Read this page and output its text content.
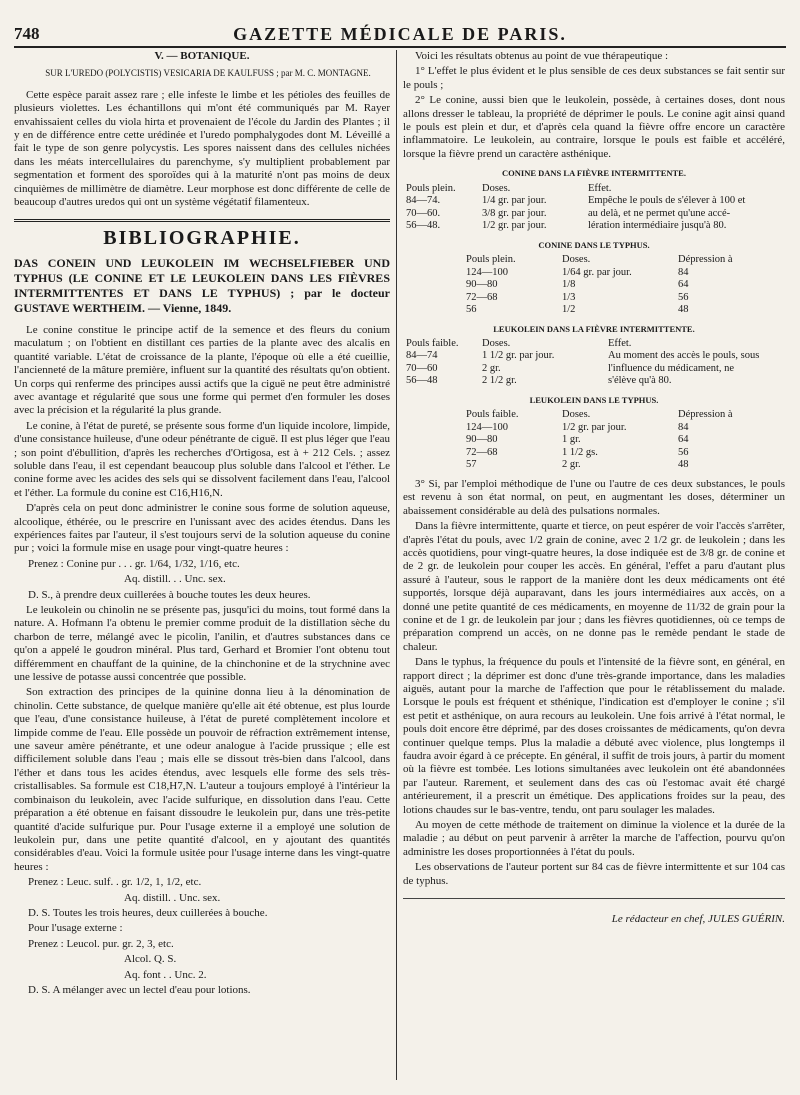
748	GAZETTE MÉDICALE DE PARIS.

V. — BOTANIQUE.

SUR L'UREDO (POLYCISTIS) VESICARIA DE KAULFUSS ; par M. C. MONTAGNE.

Cette espèce parait assez rare ; elle infeste le limbe et les pétioles des feuilles de plusieurs violettes. Les échantillons qui m'ont été communiqués par M. Rayer envahissaient celles du viola hirta et provenaient de l'école du Jardin des Plantes ; il y en de différence entre cette urédinée et l'uredo pomphalygodes dont M. Léveillé a fait le type de son genre polycystis. Les spores naissent dans des cellules nichées dans les méats intercellulaires du parenchyme, s'y multiplient probablement par segmentation et forment des sporoïdes qui à la maturité n'ont pas moins de deux cinquièmes de millimètre de diamètre. Leur morphose est donc différente de celle de beaucoup d'autres uredos qui ont un système végétatif filamenteux.

BIBLIOGRAPHIE.

DAS CONEIN UND LEUKOLEIN IM WECHSELFIEBER UND TYPHUS (LE CONINE ET LE LEUKOLEIN DANS LES FIÈVRES INTERMITTENTES ET DANS LE TYPHUS) ; par le docteur GUSTAVE WERTHEIM. — Vienne, 1849.

Le conine constitue le principe actif de la semence et des fleurs du conium maculatum ; on l'obtient en distillant ces parties de la plante avec des alcalis en quantité variable. L'état de croissance de la plante, l'époque où elle a été cueillie, l'ancienneté de la mâture première, influent sur la quantité des résultats qu'on obtient. Un corps qui renferme des principes aussi actifs que la ciguë ne peut être administré avec avantage et régularité que sous une forme qui permet d'en formuler les doses avec la précision et la régularité la plus grande.

Le conine, à l'état de pureté, se présente sous forme d'un liquide incolore, limpide, d'une consistance huileuse, d'une odeur pénétrante de ciguë. Il est plus léger que l'eau ; son point d'ébullition, d'après les recherches d'Ortigosa, est à + 212 Cels. ; assez soluble dans l'eau, il est cependant beaucoup plus soluble dans l'alcool et l'éther. Le conine forme avec les acides des sels qui se dissolvent facilement dans l'eau, l'alcool et l'éther. La formule du conine est C16,H16,N.

D'après cela on peut donc administrer le conine sous forme de solution aqueuse, alcoolique, éthérée, ou le prescrire en l'unissant avec des acides étendus. Dans les expériences faites par l'auteur, il s'est toujours servi de la solution aqueuse du conine pur ; voici la formule mise en usage pour vingt-quatre heures :

Prenez : Conine pur . . . gr. 1/64, 1/32, 1/16, etc.

Aq. distill. . . Unc. sex.

D. S., à prendre deux cuillerées à bouche toutes les deux heures.

Le leukolein ou chinolin ne se présente pas, jusqu'ici du moins, tout formé dans la nature. A. Hofmann l'a obtenu le premier comme produit de la distillation sèche du charbon de terre, mélangé avec le picolin, l'anilin, et d'autres substances dans ce qu'on a appelé le goudron minéral. Plus tard, Gerhard et Bromier l'ont obtenu tout différemment en chauffant de la quinine, de la chinchonine et de la strychnine avec une lessive de potasse aussi concentrée que possible.

Son extraction des principes de la quinine donna lieu à la dénomination de chinolin. Cette substance, de quelque manière qu'elle ait été obtenue, est plus lourde que l'eau, d'une consistance huileuse, à l'état de pureté complètement incolore et limpide comme de l'eau. Elle possède un pouvoir de réfraction extrêmement intense, une saveur amère pénétrante, et une odeur analogue à l'acide prussique ; elle est difficilement soluble dans l'eau ; mais elle se dissout très-bien dans l'alcool, dans l'éther et dans tous les acides étendus, avec lesquels elle forme des sels très-cristallisables. Sa formule est C18,H7,N. L'auteur a toujours employé à l'intérieur la combinaison du leukolein, avec l'acide sulfurique, en dissolution dans l'eau. Cette préparation a été obtenue en faisant dissoudre le leukolein pur, dans une très-petite quantité d'acide sulfurique pur. Pour l'usage externe il a employé une solution de leukolein pur, dans une petite quantité d'alcool, en y ajoutant des quantités considérables d'eau. Voici la formule usitée pour l'usage interne dans les vingt-quatre heures :

Prenez : Leuc. sulf. . gr. 1/2, 1, 1/2, etc.

Aq. distill. . Unc. sex.

D. S. Toutes les trois heures, deux cuillerées à bouche.

Pour l'usage externe :

Prenez : Leucol. pur. gr. 2, 3, etc.

Alcol. Q. S.

Aq. font . . Unc. 2.

D. S. A mélanger avec un lectel d'eau pour lotions.

Voici les résultats obtenus au point de vue thérapeutique :

1° L'effet le plus évident et le plus sensible de ces deux substances se fait sentir sur le pouls ;

2° Le conine, aussi bien que le leukolein, possède, à certaines doses, dont nous allons dresser le tableau, la propriété de déprimer le pouls. Le conine agit ainsi quand le pouls est plein et dur, et d'après cela quand la fièvre offre encore un caractère inflammatoire. Le leukolein, au contraire, lorsque le pouls est faible et accéléré, lorsque la fièvre prend un caractère asthénique.

CONINE DANS LA FIÈVRE INTERMITTENTE.

Pouls plein.	Doses.	Effet.
84—74.	1/4 gr. par jour.	Empêche le pouls de s'élever à 100 et
70—60.	3/8 gr. par jour.	au delà, et ne permet qu'une accé-
56—48.	1/2 gr. par jour.	lération intermédiaire jusqu'à 80.

CONINE DANS LE TYPHUS.

Pouls plein.	Doses.	Dépression à
124—100	1/64 gr. par jour.	84
90—80	1/8	64
72—68	1/3	56
56	1/2	48

LEUKOLEIN DANS LA FIÈVRE INTERMITTENTE.

Pouls faible.	Doses.	Effet.
84—74	1 1/2 gr. par jour.	Au moment des accès le pouls, sous
70—60	2 gr.	l'influence du médicament, ne
56—48	2 1/2 gr.	s'élève qu'à 80.

LEUKOLEIN DANS LE TYPHUS.

Pouls faible.	Doses.	Dépression à
124—100	1/2 gr. par jour.	84
90—80	1 gr.	64
72—68	1 1/2 gs.	56
57	2 gr.	48

3° Si, par l'emploi méthodique de l'une ou l'autre de ces deux substances, le pouls est revenu à son état normal, on peut, en augmentant les doses, déterminer un abaissement considérable au delà des pulsations normales.

Dans la fièvre intermittente, quarte et tierce, on peut espérer de voir l'accès s'arrêter, d'après l'état du pouls, avec 1/2 grain de conine, avec 2 1/2 gr. de leukolein ; dans les accès quotidiens, pour vingt-quatre heures, la dose indiquée est de 3/8 gr. de conine et de 2 gr. de leukolein pour couper les accès. En général, l'effet a paru d'autant plus assuré à l'auteur, sous le rapport de la manière dont les deux médicaments ont été supportés, lorsque déjà auparavant, dans les jours intermédiaires aux accès, on a donné une petite quantité de ces médicaments, en moyenne de 11/32 de grain pour la conine et de 1 gr. de leukolein par jour ; dans les fièvres quotidiennes, où ce temps de préparation comprend un accès, on ne donne pas le remède pendant le stade de chaleur.

Dans le typhus, la fréquence du pouls et l'intensité de la fièvre sont, en général, en rapport direct ; la déprimer est donc d'une très-grande importance, dans les maladies aiguës, autant pour la marche de l'affection que pour le rétablissement du malade. Lorsque le pouls est fréquent et sthénique, l'indication est d'employer le conine ; s'il est petit et asthénique, on aura recours au leukolein. Une fois arrivé à l'état normal, le pouls doit encore être déprimé, par des doses croissantes de médicaments, qu'on devra continuer quelque temps. Plus la maladie a débuté avec violence, plus longtemps il faudra avoir égard à ce précepte. En général, il suffit de trois jours, à partir du moment où la fièvre est tombée. Les lotions simultanées avec leukolein ont été abandonnées par l'auteur. Rarement, et seulement dans des cas où l'estomac avait été chargé antérieurement, il a prescrit un émétique. Des applications froides sur la peau, des lotions chaudes sur le bas-ventre, tendu, ont paru soulager les malades.

Au moyen de cette méthode de traitement on diminue la violence et la durée de la maladie ; au début on peut parvenir à arrêter la marche de l'affection, pourvu qu'on administre les doses proportionnées à l'état du pouls.

Les observations de l'auteur portent sur 84 cas de fièvre intermittente et sur 104 cas de typhus.

Le rédacteur en chef, JULES GUÉRIN.
